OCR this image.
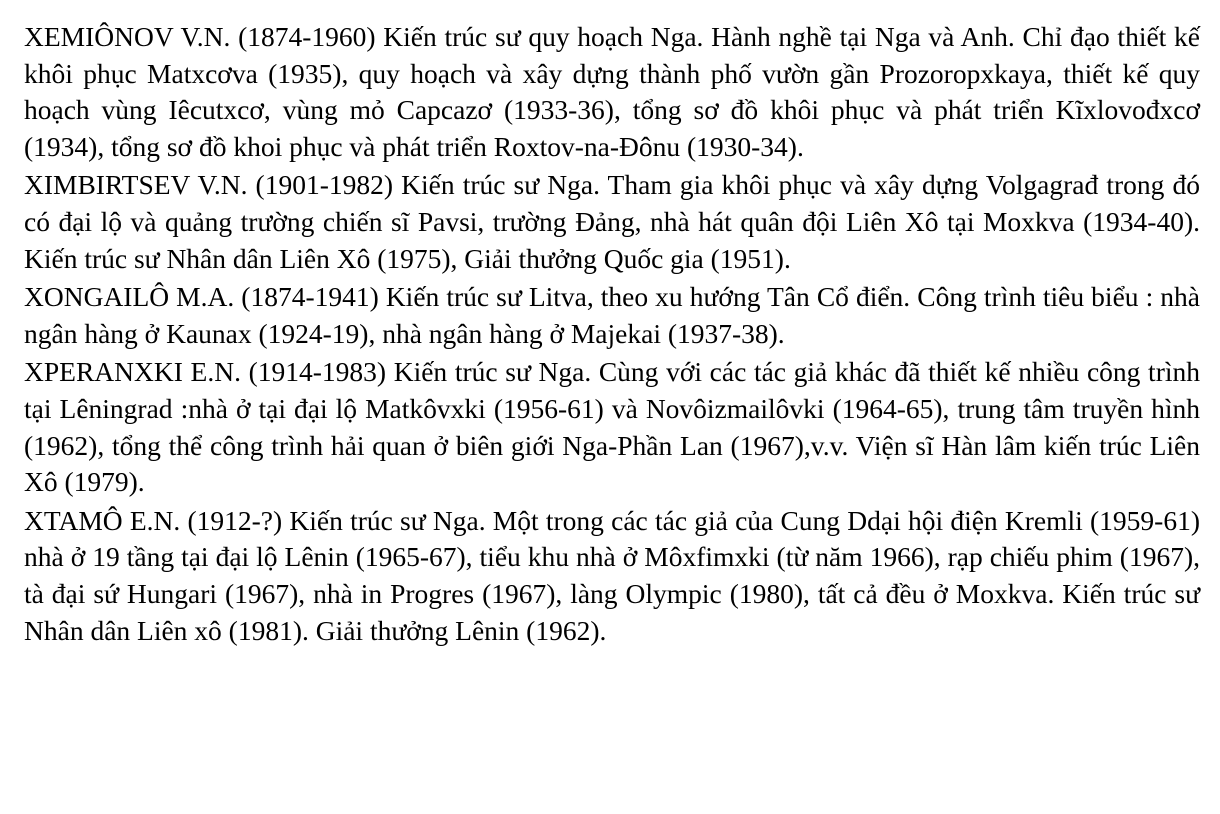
XEMIÔNOV V.N. (1874-1960) Kiến trúc sư quy hoạch Nga. Hành nghề tại Nga và Anh. Chỉ đạo thiết kế khôi phục Matxcơva (1935), quy hoạch và xây dựng thành phố vườn gần Prozoropxkaya, thiết kế quy hoạch vùng Iêcutxcơ, vùng mỏ Capcazơ (1933-36), tổng sơ đồ khôi phục và phát triển Kĩxlovođxcơ (1934), tổng sơ đồ khoi phục và phát triển Roxtov-na-Đônu (1930-34).

XIMBIRTSEV V.N. (1901-1982) Kiến trúc sư Nga. Tham gia khôi phục và xây dựng Volgagrađ trong đó có đại lộ và quảng trường chiến sĩ Pavsi, trường Đảng, nhà hát quân đội Liên Xô tại Moxkva (1934-40). Kiến trúc sư Nhân dân Liên Xô (1975), Giải thưởng Quốc gia (1951).

XONGAILÔ M.A. (1874-1941) Kiến trúc sư Litva, theo xu hướng Tân Cổ điển. Công trình tiêu biểu : nhà ngân hàng ở Kaunax (1924-19), nhà ngân hàng ở Majekai (1937-38).

XPERANXKI E.N. (1914-1983) Kiến trúc sư Nga. Cùng với các tác giả khác đã thiết kế nhiều công trình tại Lêningrad :nhà ở tại đại lộ Matkôvxki (1956-61) và Novôizmailôvki (1964-65), trung tâm truyền hình (1962), tổng thể công trình hải quan ở biên giới Nga-Phần Lan (1967),v.v. Viện sĩ Hàn lâm kiến trúc Liên Xô (1979).

XTAMÔ E.N. (1912-?) Kiến trúc sư Nga. Một trong các tác giả của Cung Ddại hội điện Kremli (1959-61) nhà ở 19 tầng tại đại lộ Lênin (1965-67), tiểu khu nhà ở Môxfimxki (từ năm 1966), rạp chiếu phim (1967), tà đại sứ Hungari (1967), nhà in Progres (1967), làng Olympic (1980), tất cả đều ở Moxkva. Kiến trúc sư Nhân dân Liên xô (1981). Giải thưởng Lênin (1962).
